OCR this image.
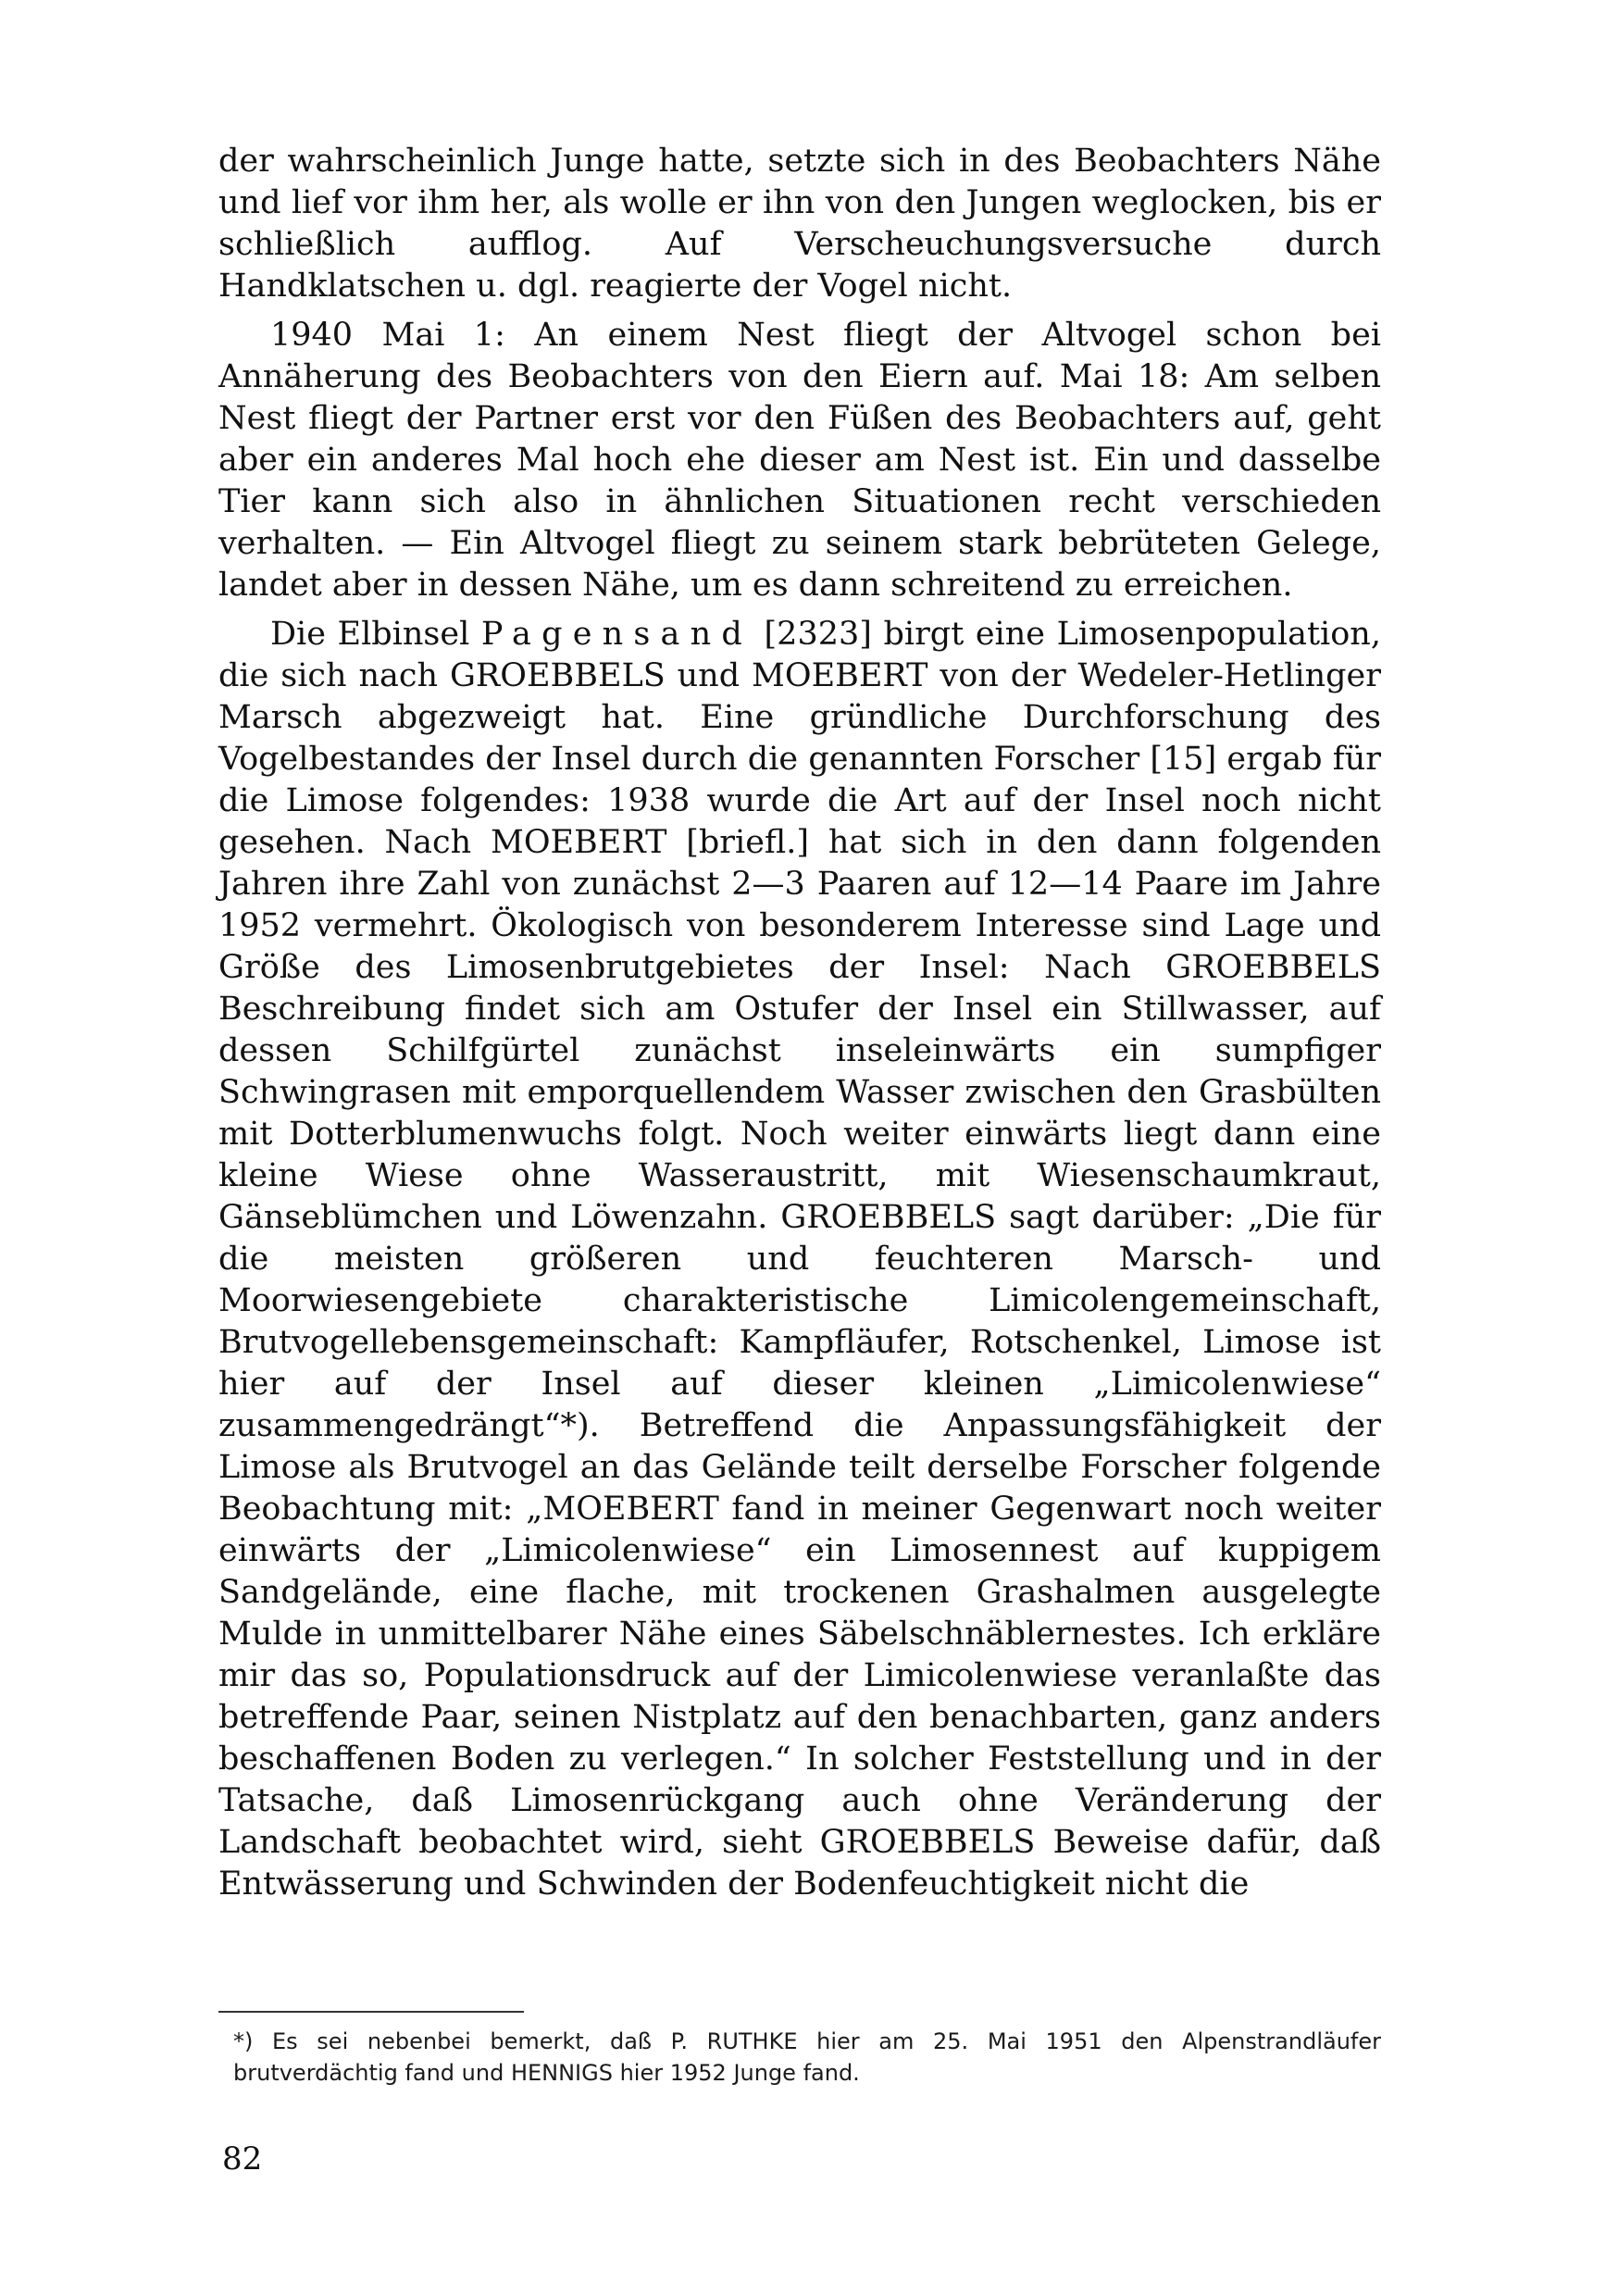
der wahrscheinlich Junge hatte, setzte sich in des Beobachters Nähe und lief vor ihm her, als wolle er ihn von den Jungen weglocken, bis er schließlich aufflog. Auf Verscheuchungsversuche durch Handklatschen u. dgl. reagierte der Vogel nicht.

1940 Mai 1: An einem Nest fliegt der Altvogel schon bei Annäherung des Beobachters von den Eiern auf. Mai 18: Am selben Nest fliegt der Partner erst vor den Füßen des Beobachters auf, geht aber ein anderes Mal hoch ehe dieser am Nest ist. Ein und dasselbe Tier kann sich also in ähnlichen Situationen recht verschieden verhalten. — Ein Altvogel fliegt zu seinem stark bebrüteten Gelege, landet aber in dessen Nähe, um es dann schreitend zu erreichen.

Die Elbinsel Pagensand [2323] birgt eine Limosenpopulation, die sich nach GROEBBELS und MOEBERT von der Wedeler-Hetlinger Marsch abgezweigt hat. Eine gründliche Durchforschung des Vogelbestandes der Insel durch die genannten Forscher [15] ergab für die Limose folgendes: 1938 wurde die Art auf der Insel noch nicht gesehen. Nach MOEBERT [briefl.] hat sich in den dann folgenden Jahren ihre Zahl von zunächst 2—3 Paaren auf 12—14 Paare im Jahre 1952 vermehrt. Ökologisch von besonderem Interesse sind Lage und Größe des Limosenbrutgebietes der Insel: Nach GROEBBELS Beschreibung findet sich am Ostufer der Insel ein Stillwasser, auf dessen Schilfgürtel zunächst inseleinwärts ein sumpfiger Schwingrasen mit emporquellendem Wasser zwischen den Grasbülten mit Dotterblumenwuchs folgt. Noch weiter einwärts liegt dann eine kleine Wiese ohne Wasseraustritt, mit Wiesenschaumkraut, Gänseblümchen und Löwenzahn. GROEBBELS sagt darüber: „Die für die meisten größeren und feuchteren Marsch- und Moorwiesengebiete charakteristische Limicolengemeinschaft, Brutvogellebensgemeinschaft: Kampfläufer, Rotschenkel, Limose ist hier auf der Insel auf dieser kleinen „Limicolenwiese“ zusammengedrängt“*). Betreffend die Anpassungsfähigkeit der Limose als Brutvogel an das Gelände teilt derselbe Forscher folgende Beobachtung mit: „MOEBERT fand in meiner Gegenwart noch weiter einwärts der „Limicolenwiese“ ein Limosennest auf kuppigem Sandgelände, eine flache, mit trockenen Grashalmen ausgelegte Mulde in unmittelbarer Nähe eines Säbelschnäblernestes. Ich erkläre mir das so, Populationsdruck auf der Limicolenwiese veranlaßte das betreffende Paar, seinen Nistplatz auf den benachbarten, ganz anders beschaffenen Boden zu verlegen.“ In solcher Feststellung und in der Tatsache, daß Limosenrückgang auch ohne Veränderung der Landschaft beobachtet wird, sieht GROEBBELS Beweise dafür, daß Entwässerung und Schwinden der Bodenfeuchtigkeit nicht die

*) Es sei nebenbei bemerkt, daß P. RUTHKE hier am 25. Mai 1951 den Alpenstrandläufer brutverdächtig fand und HENNIGS hier 1952 Junge fand.

82
